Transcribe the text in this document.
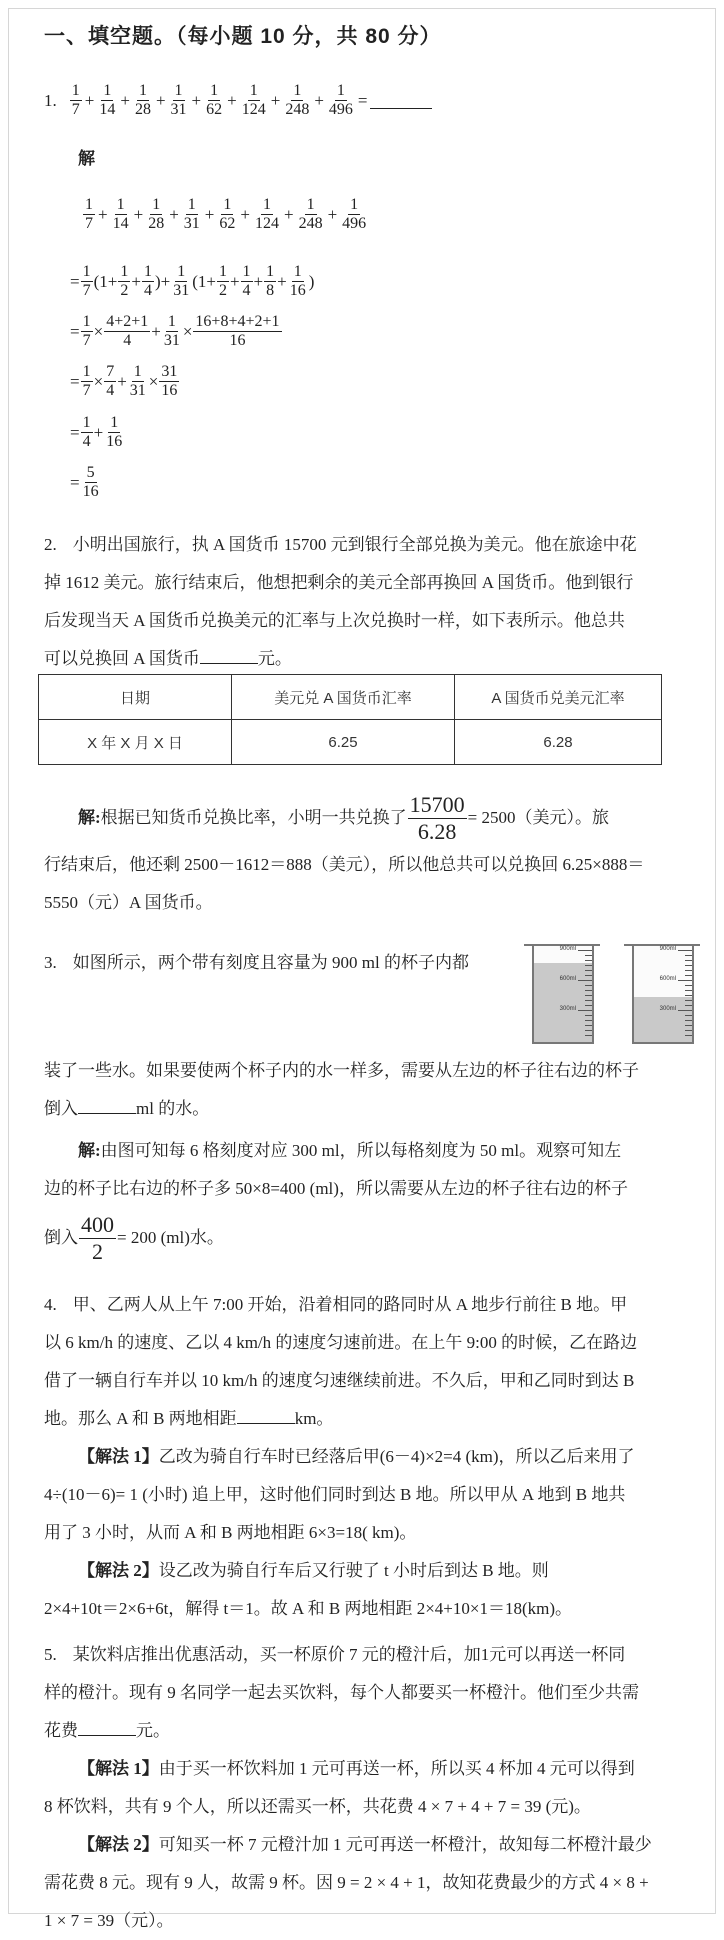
一、填空题。（每小题 10 分，共 80 分）
1. $\frac{1}{7} + \frac{1}{14} + \frac{1}{28} + \frac{1}{31} + \frac{1}{62} + \frac{1}{124} + \frac{1}{248} + \frac{1}{496}$ =
解
$\frac{1}{7} + \frac{1}{14} + \frac{1}{28} + \frac{1}{31} + \frac{1}{62} + \frac{1}{124} + \frac{1}{248} + \frac{1}{496}$
= $\frac{1}{7} (1+ \frac{1}{2} + \frac{1}{4}$ )+ $\frac{1}{31} (1+ \frac{1}{2} + \frac{1}{4} + \frac{1}{8} + \frac{1}{16}$ )
= $\frac{1}{7} \times \frac{4+2+1}{4} + \frac{1}{31} \times \frac{16+8+4+2+1}{16}$
= $\frac{1}{7} \times \frac{7}{4} + \frac{1}{31} \times \frac{31}{16}$
= $\frac{1}{4} + \frac{1}{16}$
= $\frac{5}{16}$
2. 小明出国旅行，执 A 国货币 15700 元到银行全部兑换为美元。他在旅途中花
掉 1612 美元。旅行结束后，他想把剩余的美元全部再换回 A 国货币。他到银行
后发现当天 A 国货币兑换美元的汇率与上次兑换时一样，如下表所示。他总共
可以兑换回 A 国货币	元。
日期	美元兑 A 国货币汇率	A 国货币兑美元汇率
X 年 X 月 X 日	6.25	6.28
解: 根据已知货币兑换比率，小明一共兑换了 $\frac{15700}{6.28} = 2500$（美元）。旅
行结束后，他还剩 2500－1612＝888（美元），所以他总共可以兑换回 6.25×888＝
5550（元）A 国货币。
3. 如图所示，两个带有刻度且容量为 900 ml 的杯子内都
300ml
600ml
900ml
300ml
600ml
900ml
装了一些水。如果要使两个杯子内的水一样多，需要从左边的杯子往右边的杯子
倒入	ml 的水。
解:由图可知每 6 格刻度对应 300 ml，所以每格刻度为 50 ml。观察可知左
边的杯子比右边的杯子多 50×8=400 (ml)，所以需要从左边的杯子往右边的杯子
倒入 $\frac{400}{2} = 200$ (ml)水。
4. 甲、乙两人从上午 7:00 开始，沿着相同的路同时从 A 地步行前往 B 地。甲
以 6 km/h 的速度、乙以 4 km/h 的速度匀速前进。在上午 9:00 的时候，乙在路边
借了一辆自行车并以 10 km/h 的速度匀速继续前进。不久后，甲和乙同时到达 B
地。那么 A 和 B 两地相距	km。
【解法 1】乙改为骑自行车时已经落后甲(6－4)×2=4 (km)，所以乙后来用了
4÷(10－6)= 1 (小时) 追上甲，这时他们同时到达 B 地。所以甲从 A 地到 B 地共
用了 3 小时，从而 A 和 B 两地相距 6×3=18( km)。
【解法 2】设乙改为骑自行车后又行驶了 t 小时后到达 B 地。则
2×4+10t＝2×6+6t，解得 t＝1。故 A 和 B 两地相距 2×4+10×1＝18(km)。
5. 某饮料店推出优惠活动，买一杯原价 7 元的橙汁后，加1元可以再送一杯同
样的橙汁。现有 9 名同学一起去买饮料，每个人都要买一杯橙汁。他们至少共需
花费	元。
【解法 1】由于买一杯饮料加 1 元可再送一杯，所以买 4 杯加 4 元可以得到
8 杯饮料，共有 9 个人，所以还需买一杯，共花费 4 × 7 + 4 + 7 = 39 (元)。
【解法 2】可知买一杯 7 元橙汁加 1 元可再送一杯橙汁，故知每二杯橙汁最少
需花费 8 元。现有 9 人，故需 9 杯。因 9 = 2 × 4 + 1，故知花费最少的方式 4 × 8 +
1 × 7 = 39（元）。
